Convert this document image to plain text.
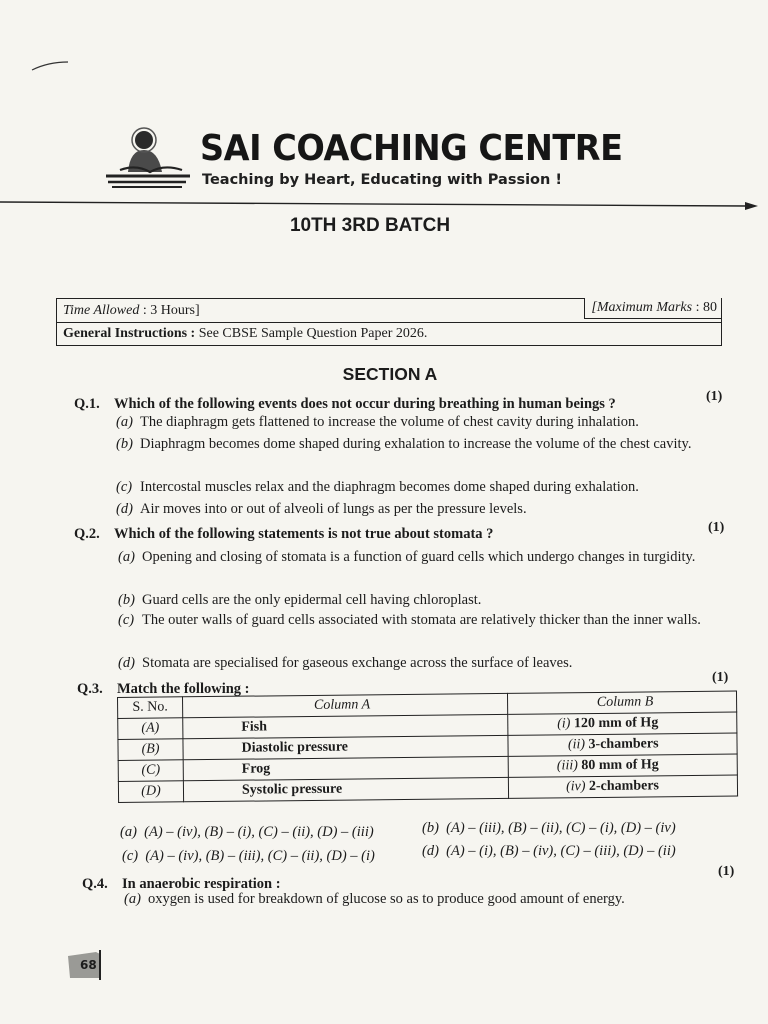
SAI COACHING CENTRE
Teaching by Heart, Educating with Passion !
10TH 3RD BATCH
Time Allowed : 3 Hours]	[Maximum Marks : 80
General Instructions : See CBSE Sample Question Paper 2026.
SECTION A
Q.1. Which of the following events does not occur during breathing in human beings ?	(1)
(a) The diaphragm gets flattened to increase the volume of chest cavity during inhalation.
(b) Diaphragm becomes dome shaped during exhalation to increase the volume of the chest cavity.
(c) Intercostal muscles relax and the diaphragm becomes dome shaped during exhalation.
(d) Air moves into or out of alveoli of lungs as per the pressure levels.
Q.2. Which of the following statements is not true about stomata ?	(1)
(a) Opening and closing of stomata is a function of guard cells which undergo changes in turgidity.
(b) Guard cells are the only epidermal cell having chloroplast.
(c) The outer walls of guard cells associated with stomata are relatively thicker than the inner walls.
(d) Stomata are specialised for gaseous exchange across the surface of leaves.
Q.3. Match the following :
(1)
S. No.	Column A	Column B
(A)	Fish	(i) 120 mm of Hg
(B)	Diastolic pressure	(ii) 3-chambers
(C)	Frog	(iii) 80 mm of Hg
(D)	Systolic pressure	(iv) 2-chambers
(a) (A) – (iv), (B) – (i), (C) – (ii), (D) – (iii)	(b) (A) – (iii), (B) – (ii), (C) – (i), (D) – (iv)
(c) (A) – (iv), (B) – (iii), (C) – (ii), (D) – (i)	(d) (A) – (i), (B) – (iv), (C) – (iii), (D) – (ii)
Q.4. In anaerobic respiration :
(1)
(a) oxygen is used for breakdown of glucose so as to produce good amount of energy.
68
